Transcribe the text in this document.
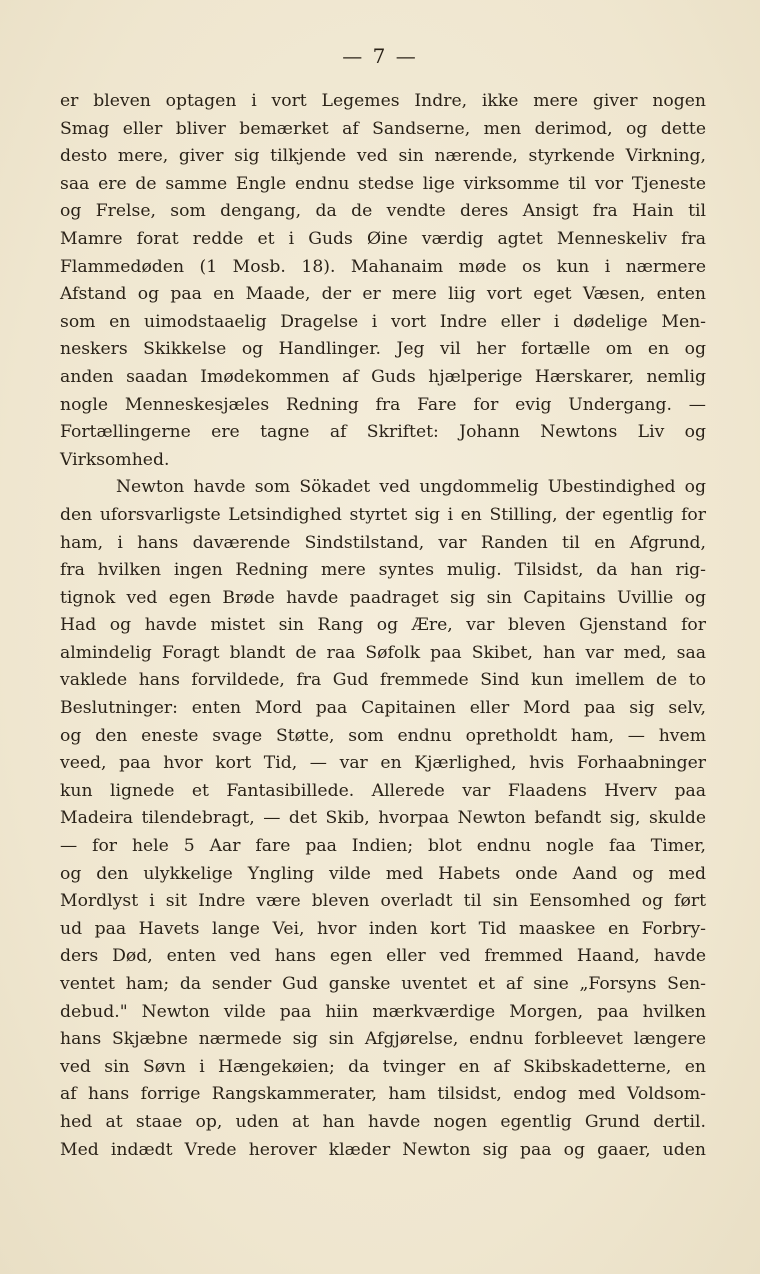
— 7 —
er bleven optagen i vort Legemes Indre, ikke mere giver nogen
Smag eller bliver bemærket af Sandserne, men derimod, og dette
desto mere, giver sig tilkjende ved sin nærende, styrkende Virkning,
saa ere de samme Engle endnu stedse lige virksomme til vor Tjeneste
og Frelse, som dengang, da de vendte deres Ansigt fra Hain til
Mamre forat redde et i Guds Øine værdig agtet Menneskeliv fra
Flammedøden (1 Mosb. 18). Mahanaim møde os kun i nærmere
Afstand og paa en Maade, der er mere liig vort eget Væsen, enten
som en uimodstaaelig Dragelse i vort Indre eller i dødelige Men-
neskers Skikkelse og Handlinger. Jeg vil her fortælle om en og
anden saadan Imødekommen af Guds hjælperige Hærskarer, nemlig
nogle Menneskesjæles Redning fra Fare for evig Undergang. —
Fortællingerne ere tagne af Skriftet: Johann Newtons Liv og
Virksomhed.
Newton havde som Sökadet ved ungdommelig Ubestindighed og
den uforsvarligste Letsindighed styrtet sig i en Stilling, der egentlig for
ham, i hans daværende Sindstilstand, var Randen til en Afgrund,
fra hvilken ingen Redning mere syntes mulig. Tilsidst, da han rig-
tignok ved egen Brøde havde paadraget sig sin Capitains Uvillie og
Had og havde mistet sin Rang og Ære, var bleven Gjenstand for
almindelig Foragt blandt de raa Søfolk paa Skibet, han var med, saa
vaklede hans forvildede, fra Gud fremmede Sind kun imellem de to
Beslutninger: enten Mord paa Capitainen eller Mord paa sig selv,
og den eneste svage Støtte, som endnu opretholdt ham, — hvem
veed, paa hvor kort Tid, — var en Kjærlighed, hvis Forhaabninger
kun lignede et Fantasibillede. Allerede var Flaadens Hverv paa
Madeira tilendebragt, — det Skib, hvorpaa Newton befandt sig, skulde
— for hele 5 Aar fare paa Indien; blot endnu nogle faa Timer,
og den ulykkelige Yngling vilde med Habets onde Aand og med
Mordlyst i sit Indre være bleven overladt til sin Eensomhed og ført
ud paa Havets lange Vei, hvor inden kort Tid maaskee en Forbry-
ders Død, enten ved hans egen eller ved fremmed Haand, havde
ventet ham; da sender Gud ganske uventet et af sine „Forsyns Sen-
debud." Newton vilde paa hiin mærkværdige Morgen, paa hvilken
hans Skjæbne nærmede sig sin Afgjørelse, endnu forbleevet længere
ved sin Søvn i Hængekøien; da tvinger en af Skibskadetterne, en
af hans forrige Rangskammerater, ham tilsidst, endog med Voldsom-
hed at staae op, uden at han havde nogen egentlig Grund dertil.
Med indædt Vrede herover klæder Newton sig paa og gaaer, uden
